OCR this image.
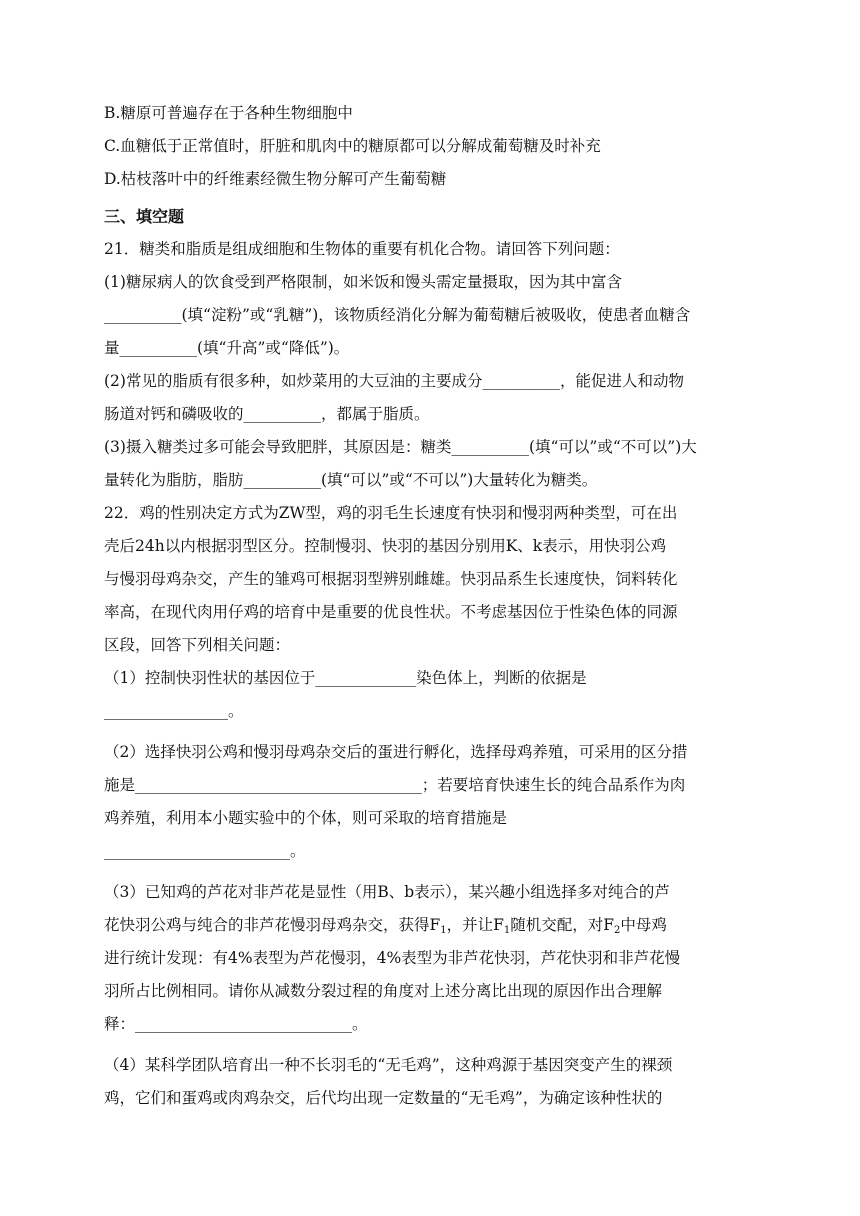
B.糖原可普遍存在于各种生物细胞中
C.血糖低于正常值时，肝脏和肌肉中的糖原都可以分解成葡萄糖及时补充
D.枯枝落叶中的纤维素经微生物分解可产生葡萄糖
三、填空题
21．糖类和脂质是组成细胞和生物体的重要有机化合物。请回答下列问题：
(1)糖尿病人的饮食受到严格限制，如米饭和馒头需定量摄取，因为其中富含
__________(填“淀粉”或“乳糖”)，该物质经消化分解为葡萄糖后被吸收，使患者血糖含
量__________(填“升高”或“降低”)。
(2)常见的脂质有很多种，如炒菜用的大豆油的主要成分__________，能促进人和动物
肠道对钙和磷吸收的__________，都属于脂质。
(3)摄入糖类过多可能会导致肥胖，其原因是：糖类__________(填“可以”或“不可以”)大
量转化为脂肪，脂肪__________(填“可以”或“不可以”)大量转化为糖类。
22．鸡的性别决定方式为ZW型，鸡的羽毛生长速度有快羽和慢羽两种类型，可在出
壳后24h以内根据羽型区分。控制慢羽、快羽的基因分别用K、k表示，用快羽公鸡
与慢羽母鸡杂交，产生的雏鸡可根据羽型辨别雌雄。快羽品系生长速度快，饲料转化
率高，在现代肉用仔鸡的培育中是重要的优良性状。不考虑基因位于性染色体的同源
区段，回答下列相关问题：
（1）控制快羽性状的基因位于_____________染色体上，判断的依据是
________________。
（2）选择快羽公鸡和慢羽母鸡杂交后的蛋进行孵化，选择母鸡养殖，可采用的区分措
施是_____________________________________；若要培育快速生长的纯合品系作为肉
鸡养殖，利用本小题实验中的个体，则可采取的培育措施是
________________________。
（3）已知鸡的芦花对非芦花是显性（用B、b表示），某兴趣小组选择多对纯合的芦
花快羽公鸡与纯合的非芦花慢羽母鸡杂交，获得$F_1$，并让$F_1$随机交配，对$F_2$中母鸡
进行统计发现：有4%表型为芦花慢羽，4%表型为非芦花快羽，芦花快羽和非芦花慢
羽所占比例相同。请你从减数分裂过程的角度对上述分离比出现的原因作出合理解
释：____________________________。
（4）某科学团队培育出一种不长羽毛的“无毛鸡”，这种鸡源于基因突变产生的裸颈
鸡，它们和蛋鸡或肉鸡杂交，后代均出现一定数量的“无毛鸡”，为确定该种性状的
